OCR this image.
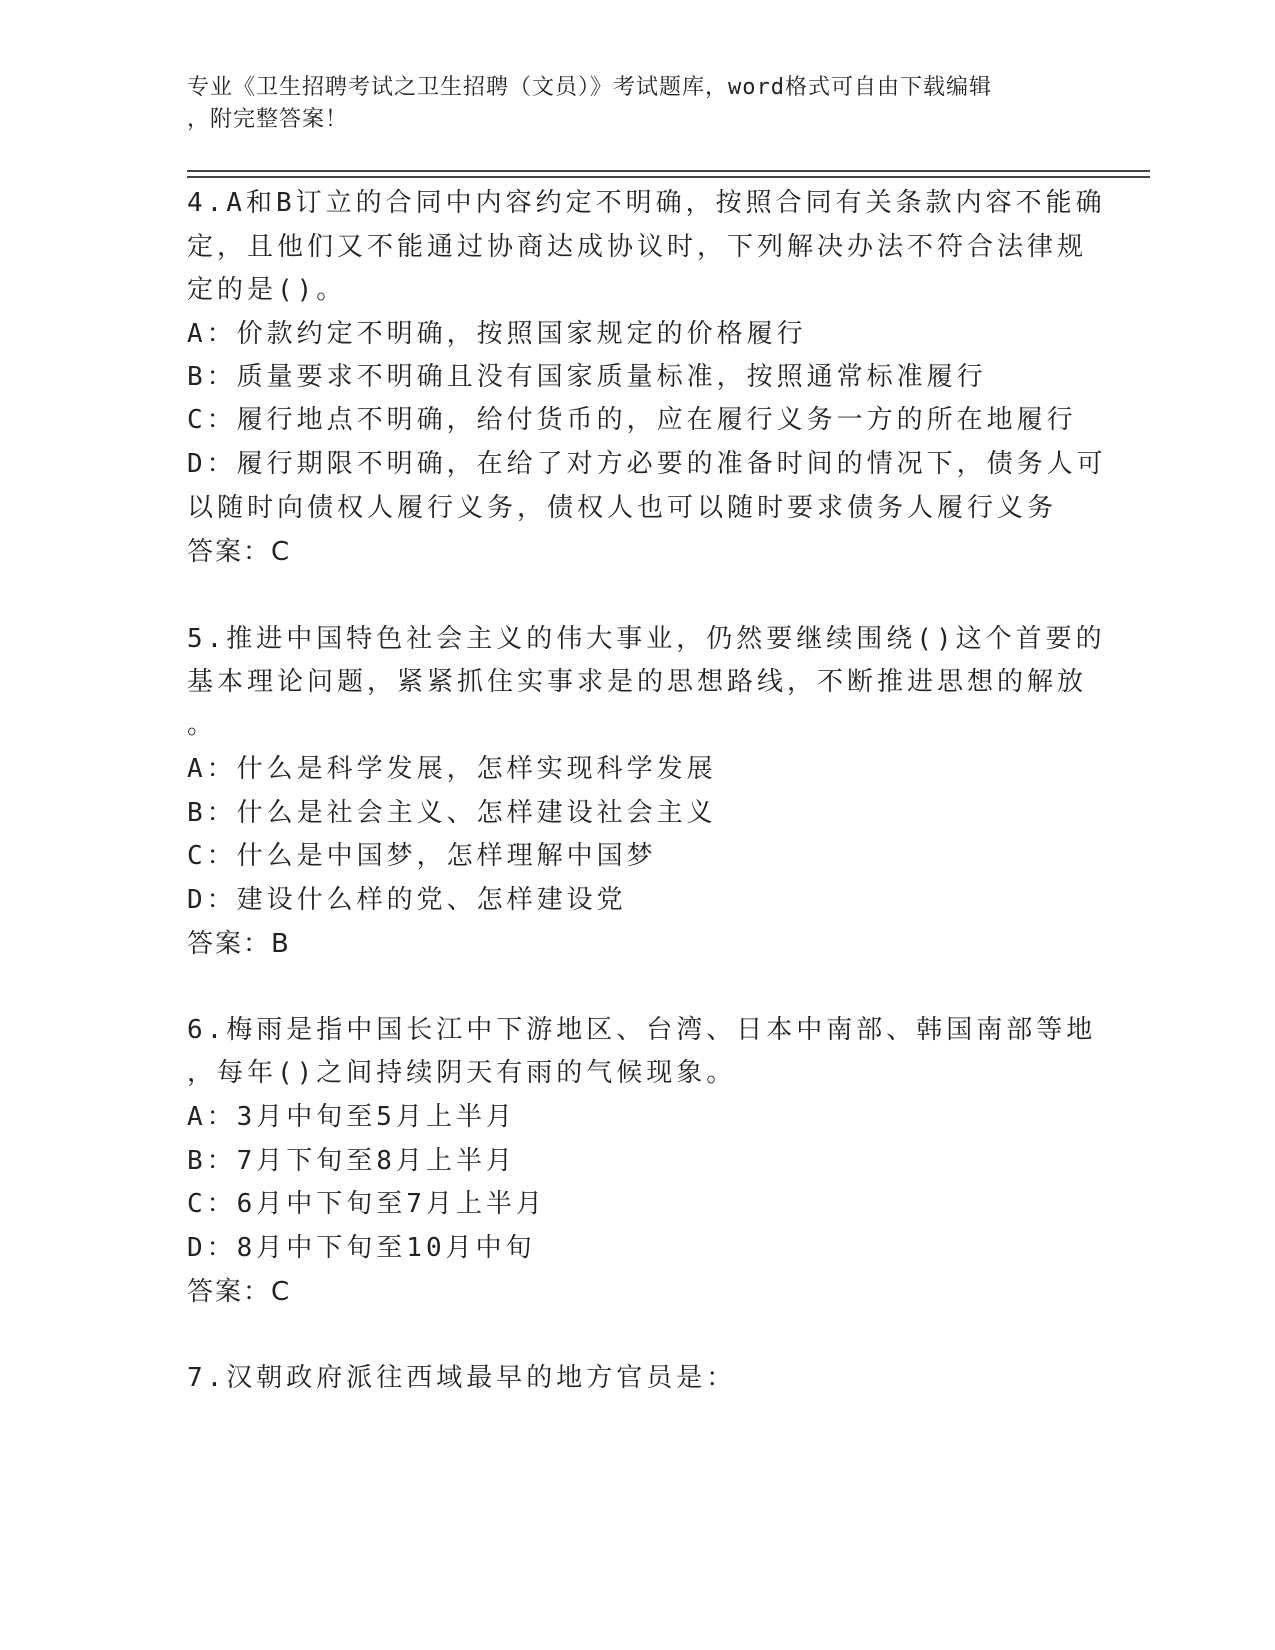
专业《卫生招聘考试之卫生招聘（文员）》考试题库，word格式可自由下载编辑
，附完整答案！
4.A和B订立的合同中内容约定不明确，按照合同有关条款内容不能确
定，且他们又不能通过协商达成协议时，下列解决办法不符合法律规
定的是()。
A：价款约定不明确，按照国家规定的价格履行
B：质量要求不明确且没有国家质量标准，按照通常标准履行
C：履行地点不明确，给付货币的，应在履行义务一方的所在地履行
D：履行期限不明确，在给了对方必要的准备时间的情况下，债务人可
以随时向债权人履行义务，债权人也可以随时要求债务人履行义务
答案：C
5.推进中国特色社会主义的伟大事业，仍然要继续围绕()这个首要的
基本理论问题，紧紧抓住实事求是的思想路线，不断推进思想的解放
。
A：什么是科学发展，怎样实现科学发展
B：什么是社会主义、怎样建设社会主义
C：什么是中国梦，怎样理解中国梦
D：建设什么样的党、怎样建设党
答案：B
6.梅雨是指中国长江中下游地区、台湾、日本中南部、韩国南部等地
，每年()之间持续阴天有雨的气候现象。
A：3月中旬至5月上半月
B：7月下旬至8月上半月
C：6月中下旬至7月上半月
D：8月中下旬至10月中旬
答案：C
7.汉朝政府派往西域最早的地方官员是：
